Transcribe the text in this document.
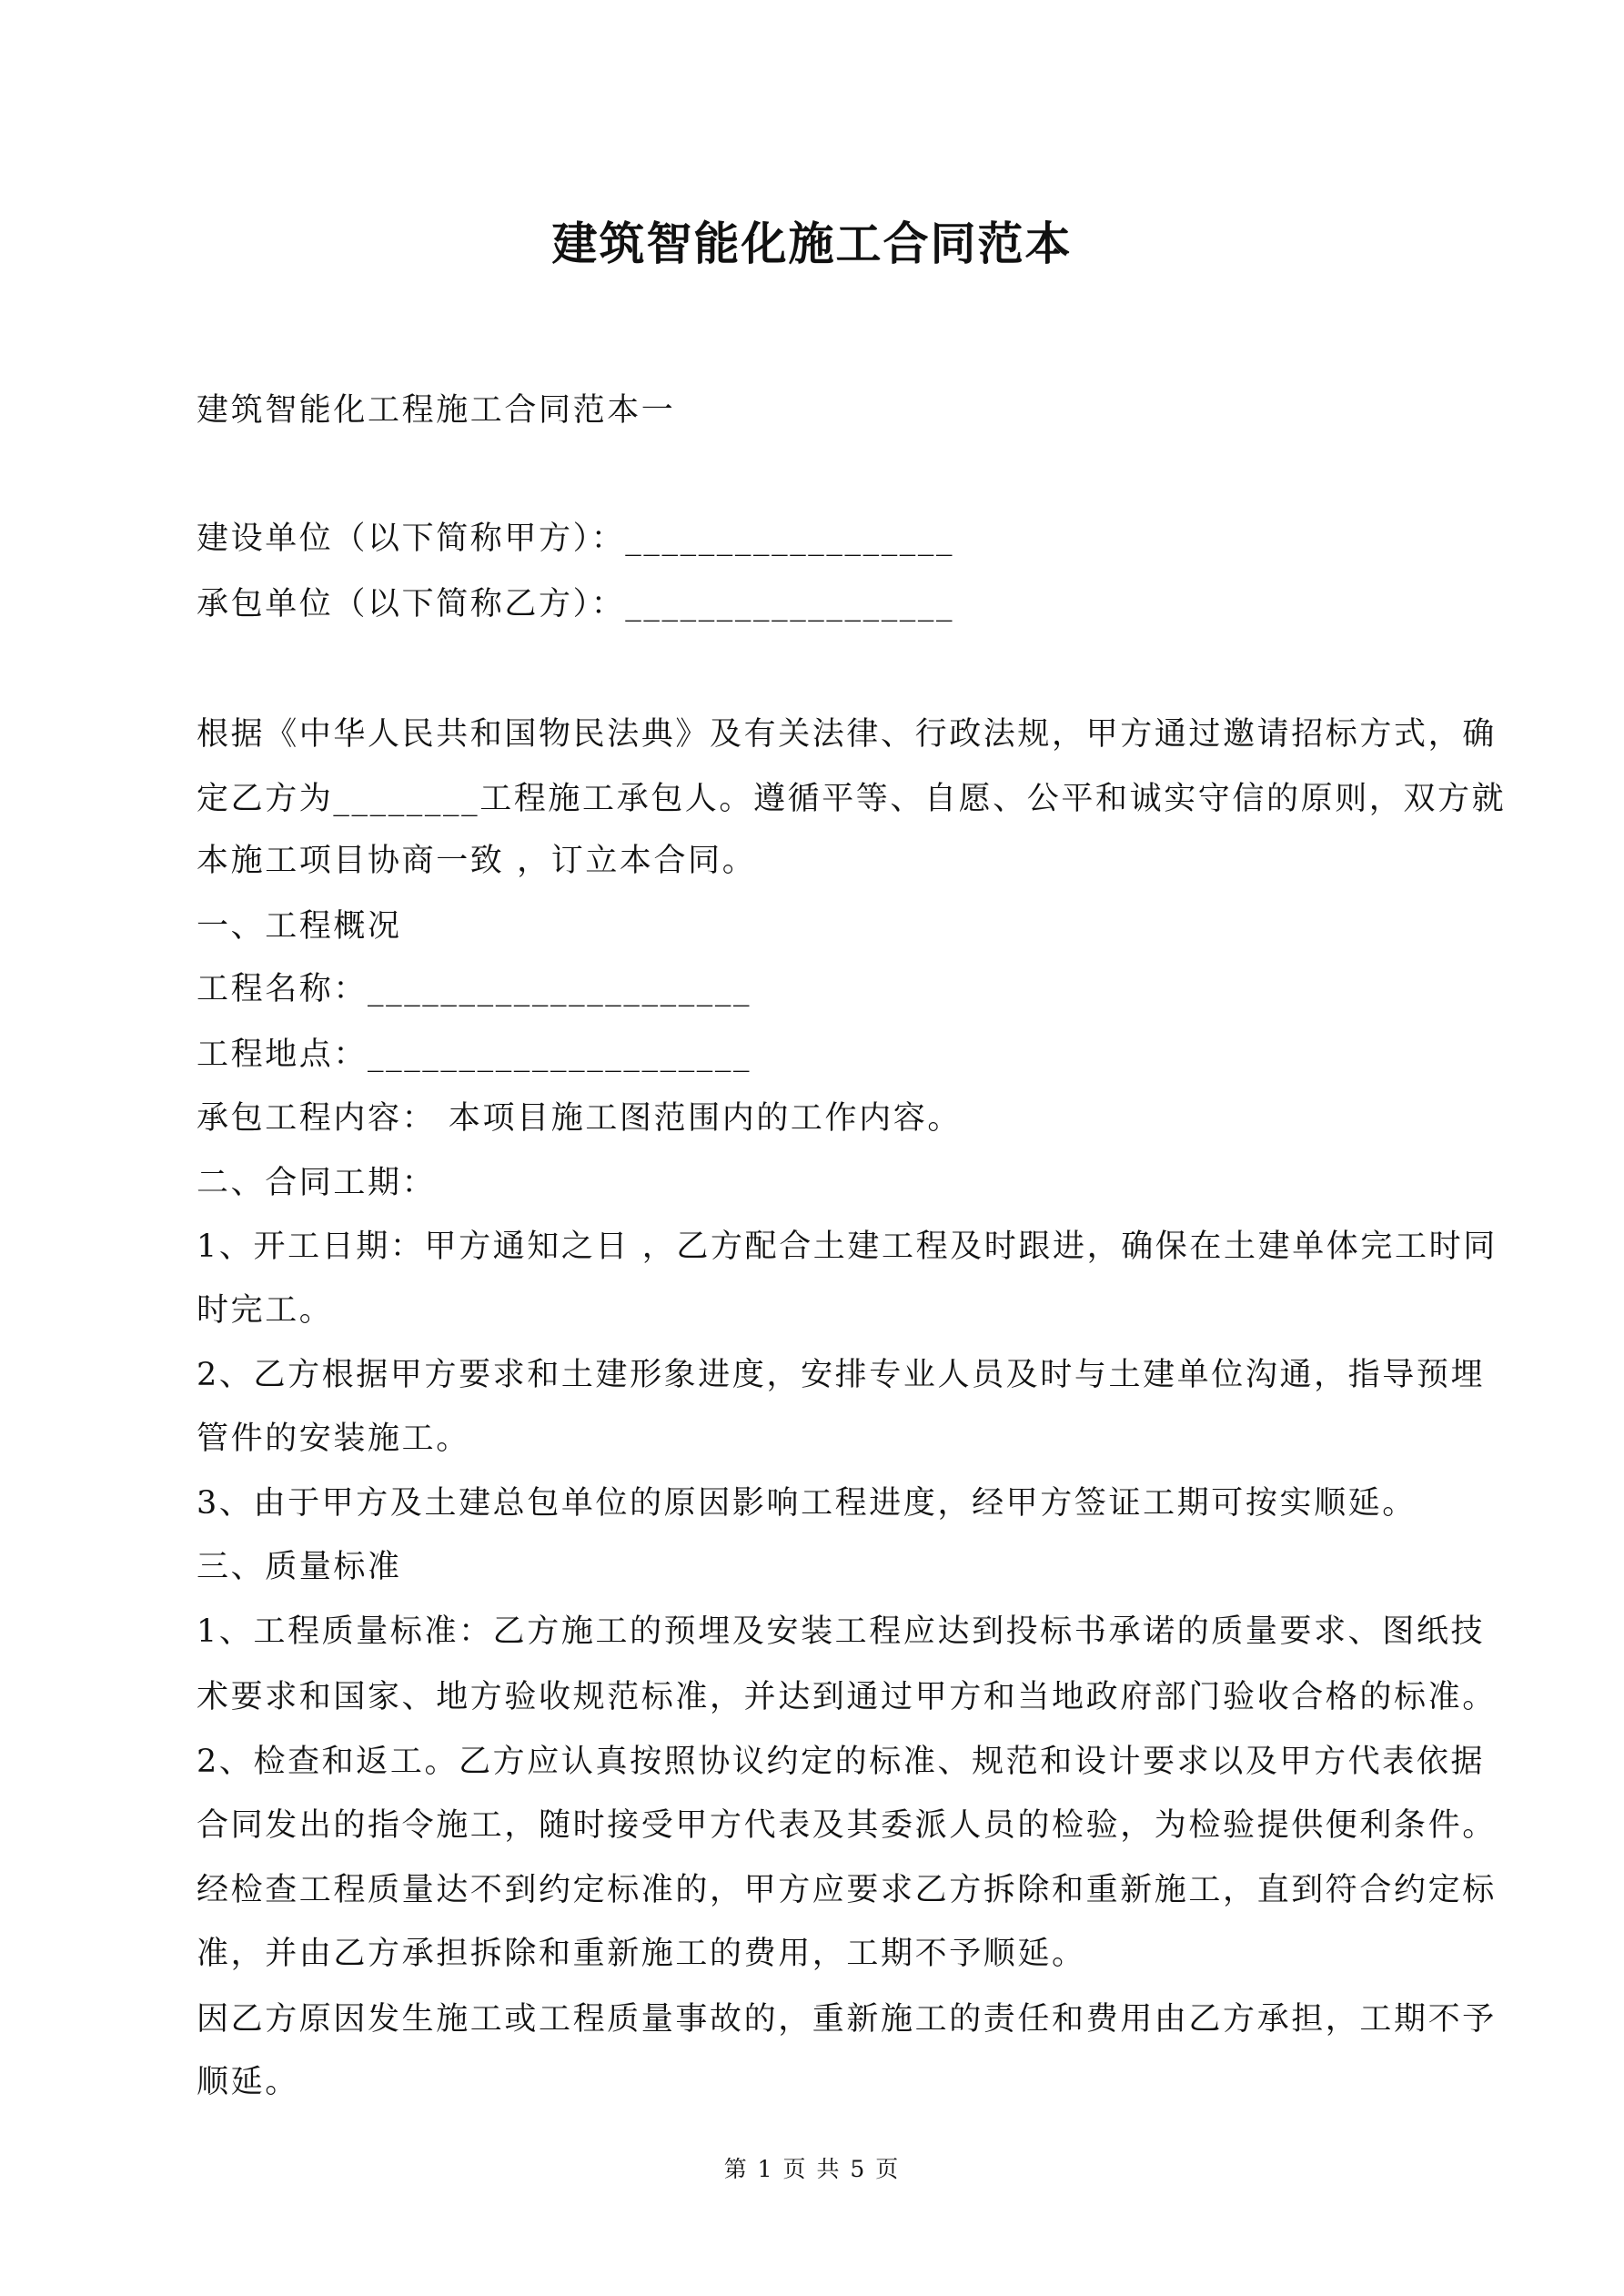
建筑智能化施工合同范本
建筑智能化工程施工合同范本一
建设单位（以下简称甲方）：__________________
承包单位（以下简称乙方）：__________________
根据《中华人民共和国物民法典》及有关法律、行政法规，甲方通过邀请招标方式，确
定乙方为________工程施工承包人。遵循平等、自愿、公平和诚实守信的原则，双方就
本施工项目协商一致 ，订立本合同。
一、工程概况
工程名称：_____________________
工程地点：_____________________
承包工程内容： 本项目施工图范围内的工作内容。
二、合同工期：
1、开工日期：甲方通知之日 ，乙方配合土建工程及时跟进，确保在土建单体完工时同
时完工。
2、乙方根据甲方要求和土建形象进度，安排专业人员及时与土建单位沟通，指导预埋
管件的安装施工。
3、由于甲方及土建总包单位的原因影响工程进度，经甲方签证工期可按实顺延。
三、质量标准
1、工程质量标准：乙方施工的预埋及安装工程应达到投标书承诺的质量要求、图纸技
术要求和国家、地方验收规范标准，并达到通过甲方和当地政府部门验收合格的标准。
2、检查和返工。乙方应认真按照协议约定的标准、规范和设计要求以及甲方代表依据
合同发出的指令施工，随时接受甲方代表及其委派人员的检验，为检验提供便利条件。
经检查工程质量达不到约定标准的，甲方应要求乙方拆除和重新施工，直到符合约定标
准，并由乙方承担拆除和重新施工的费用，工期不予顺延。
因乙方原因发生施工或工程质量事故的，重新施工的责任和费用由乙方承担，工期不予
顺延。
第 1 页 共 5 页
